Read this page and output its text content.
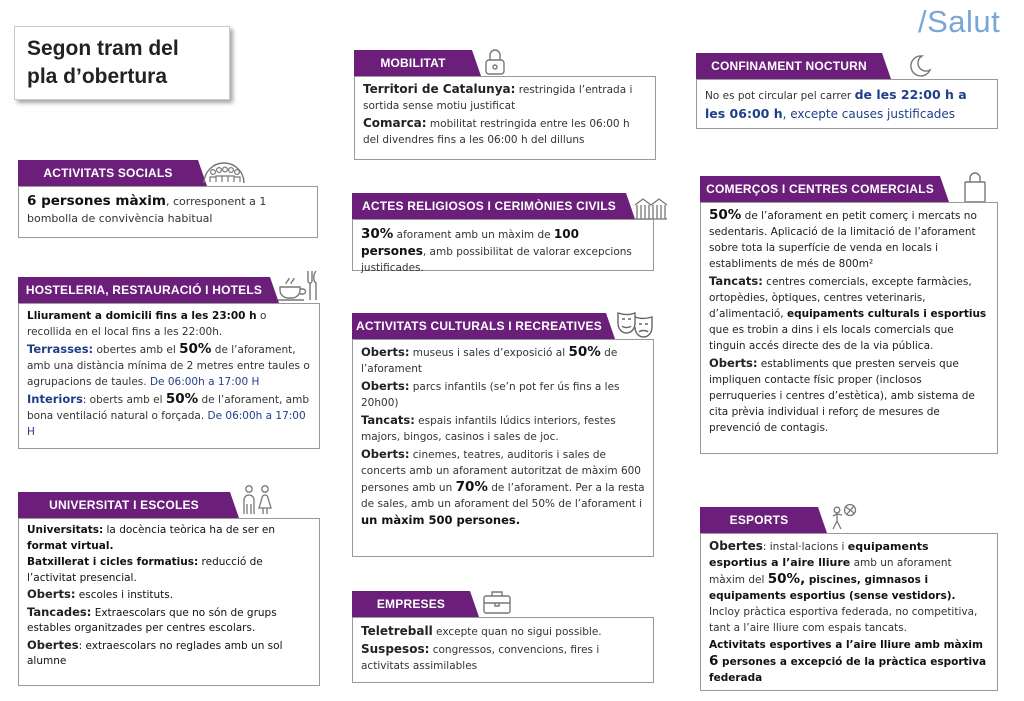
/Salut
Segon tram del
pla d’obertura
ACTIVITATS SOCIALS

6 persones màxim, corresponent a 1 bombolla de convivència habitual

HOSTELERIA, RESTAURACIÓ I HOTELS

Lliurament a domicili fins a les 23:00 h o recollida en el local fins a les 22:00h.

Terrasses: obertes amb el 50% de l’aforament, amb una distància mínima de 2 metres entre taules o agrupacions de taules. De 06:00h a 17:00 H

Interiors: oberts amb el 50% de l’aforament, amb bona ventilació natural o forçada. De 06:00h a 17:00 H

UNIVERSITAT I ESCOLES

Universitats: la docència teòrica ha de ser en format virtual.

Batxillerat i cicles formatius: reducció de l’activitat presencial.

Oberts: escoles i instituts.

Tancades: Extraescolars que no són de grups estables organitzades per centres escolars.

Obertes: extraescolars no reglades amb un sol alumne

MOBILITAT

Territori de Catalunya: restringida l’entrada i sortida sense motiu justificat

Comarca: mobilitat restringida entre les 06:00 h del divendres fins a les 06:00 h del dilluns

ACTES RELIGIOSOS I CERIMÒNIES CIVILS

30% aforament amb un màxim de 100 persones, amb possibilitat de valorar excepcions justificades.

ACTIVITATS CULTURALS I RECREATIVES

Oberts: museus i sales d’exposició al 50% de l’aforament

Oberts: parcs infantils (se’n pot fer ús fins a les 20h00)

Tancats: espais infantils lúdics interiors, festes majors, bingos, casinos i sales de joc.

Oberts: cinemes, teatres, auditoris i sales de concerts amb un aforament autoritzat de màxim 600 persones amb un 70% de l’aforament. Per a la resta de sales, amb un aforament del 50% de l’aforament i un màxim 500 persones.

EMPRESES

Teletreball excepte quan no sigui possible.

Suspesos: congressos, convencions, fires i activitats assimilables

CONFINAMENT NOCTURN

No es pot circular pel carrer de les 22:00 h a les 06:00 h, excepte causes justificades

COMERÇOS I CENTRES COMERCIALS

50% de l’aforament en petit comerç i mercats no sedentaris. Aplicació de la limitació de l’aforament sobre tota la superfície de venda en locals i establiments de més de 800m²

Tancats: centres comercials, excepte farmàcies, ortopèdies, òptiques, centres veterinaris, d’alimentació, equipaments culturals i esportius que es trobin a dins i els locals comercials que tinguin accés directe des de la via pública.

Oberts: establiments que presten serveis que impliquen contacte físic proper (inclosos perruqueries i centres d’estètica), amb sistema de cita prèvia individual i reforç de mesures de prevenció de contagis.

ESPORTS

Obertes: instal·lacions i equipaments esportius a l’aire lliure amb un aforament màxim del 50%, piscines, gimnasos i equipaments esportius (sense vestidors). Incloу pràctica esportiva federada, no competitiva, tant a l’aire lliure com espais tancats.

Activitats esportives a l’aire lliure amb màxim 6 persones a excepció de la pràctica esportiva federada
